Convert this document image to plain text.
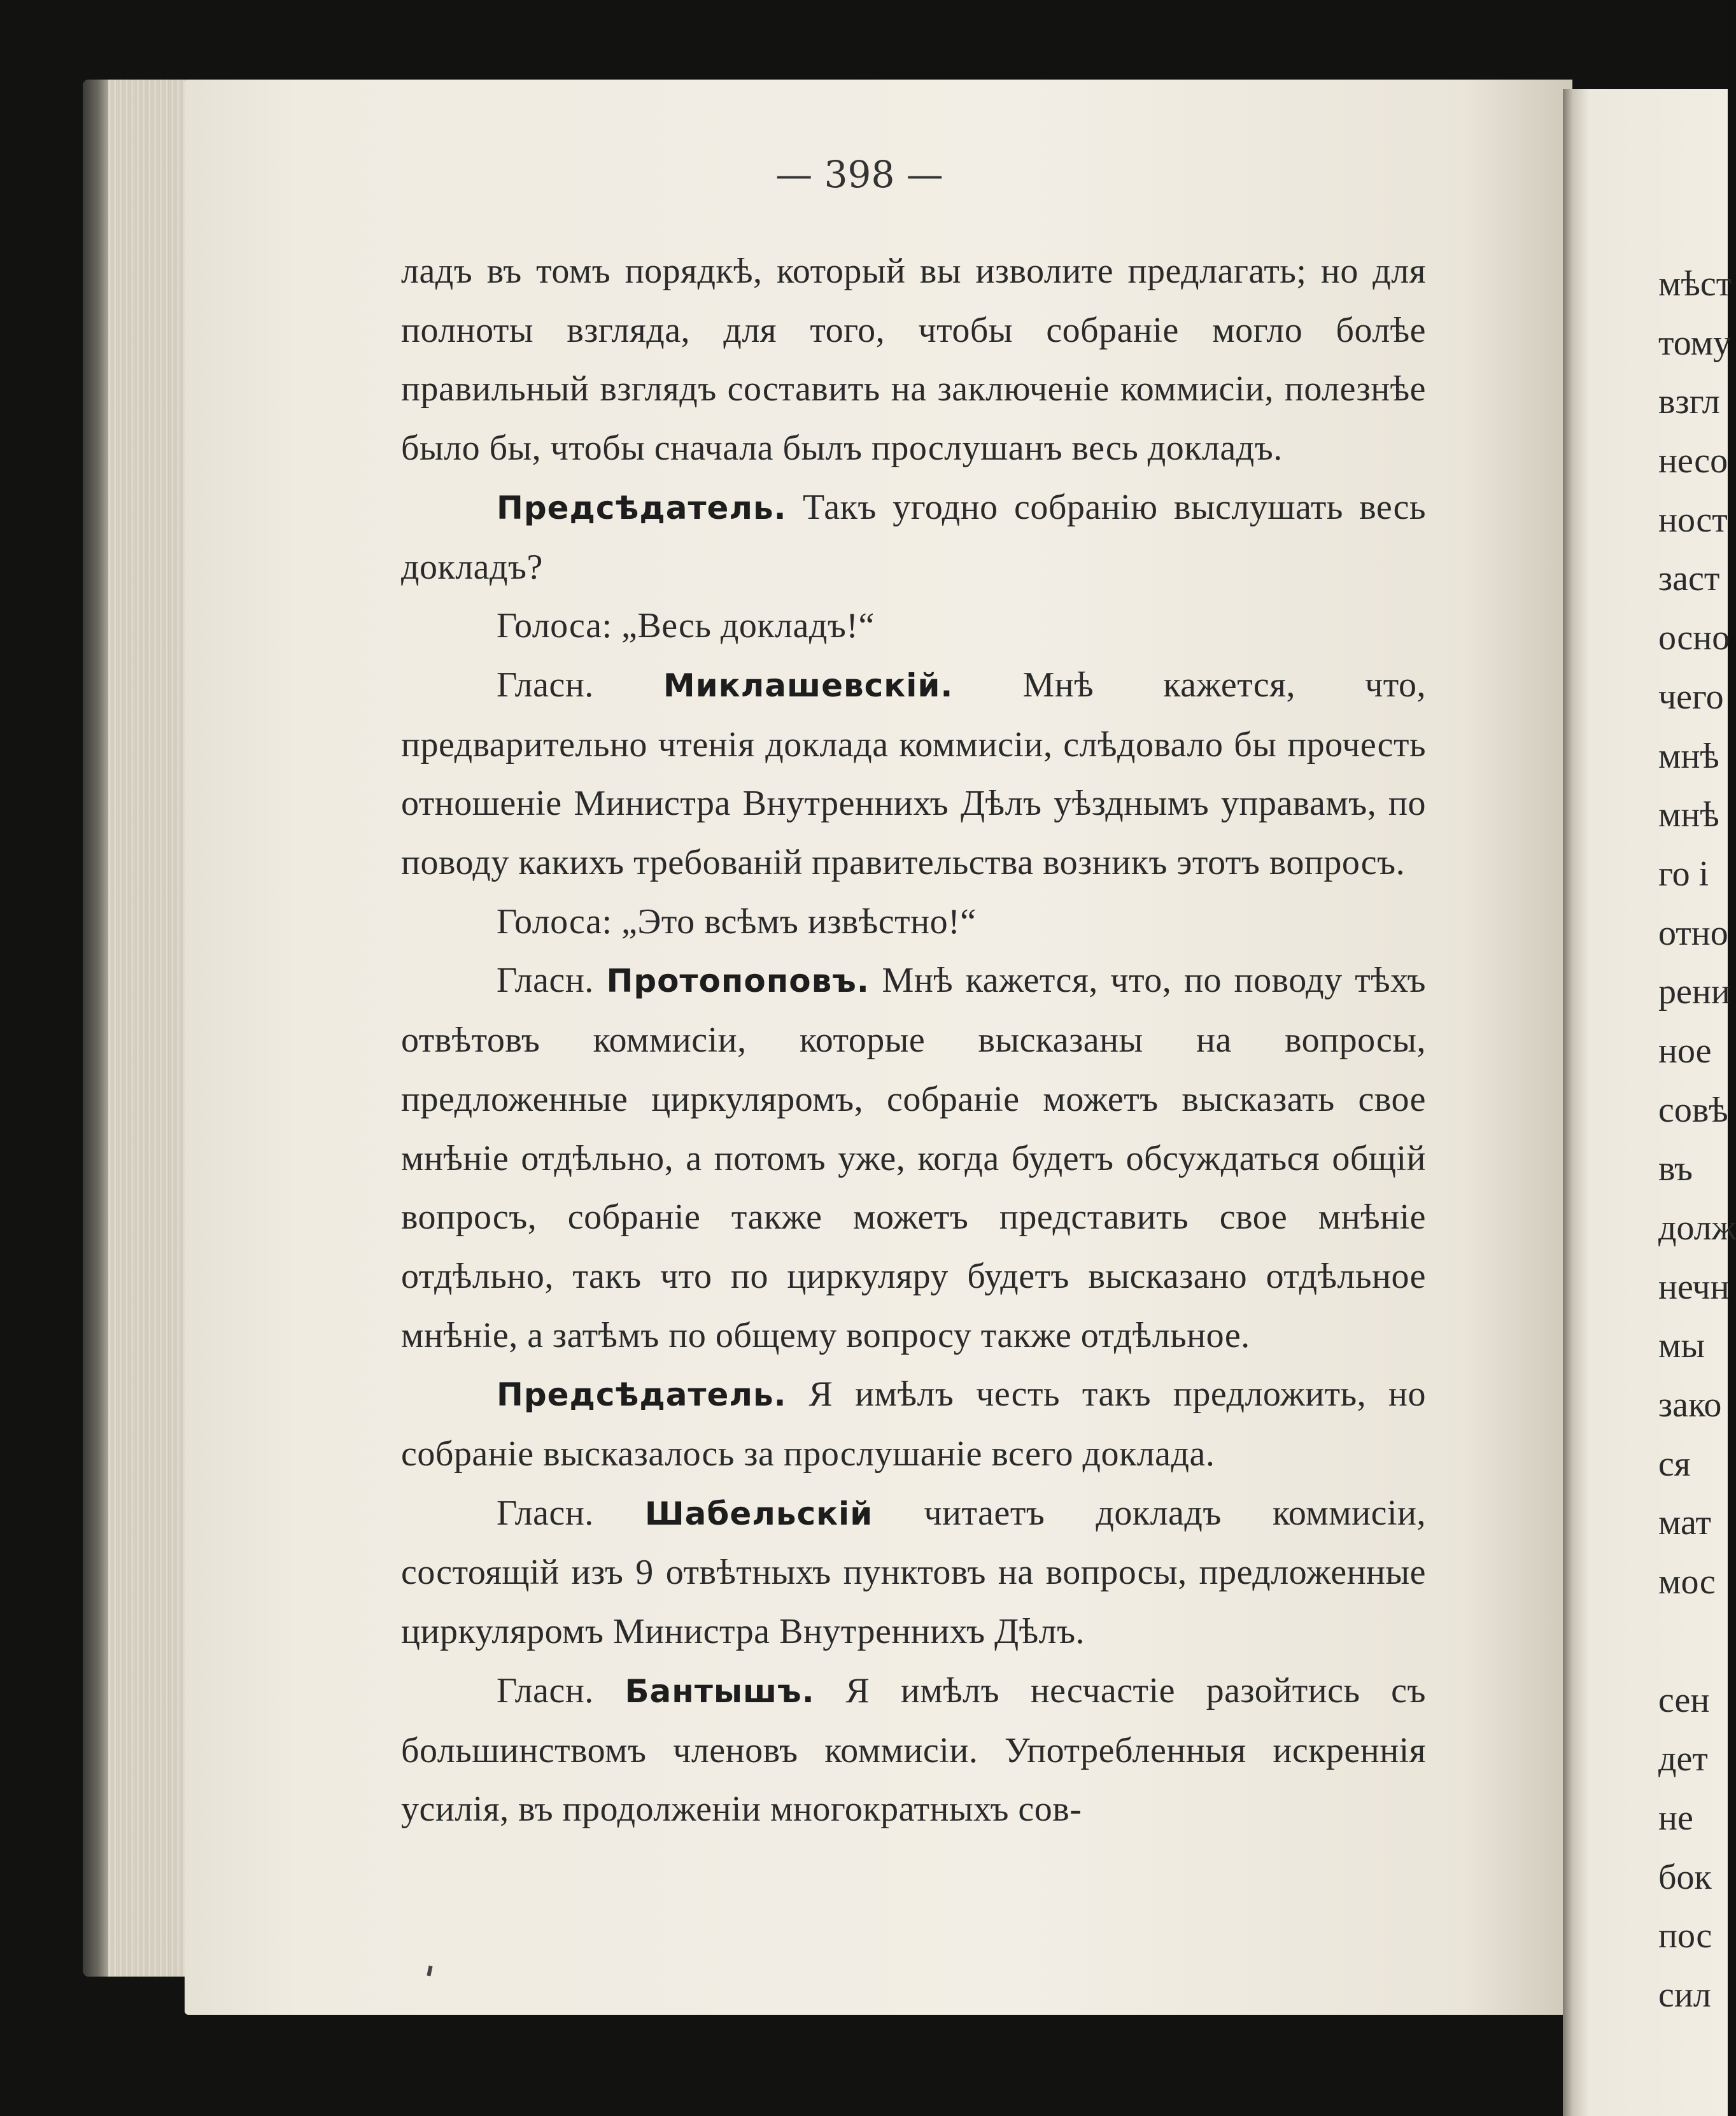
— 398 —

ладъ въ томъ порядкѣ, который вы изволите предлагать; но для полноты взгляда, для того, чтобы собраніе могло болѣе правильный взглядъ составить на заключеніе коммисіи, полезнѣе было бы, чтобы сначала былъ прослушанъ весь докладъ.

Предсѣдатель. Такъ угодно собранію выслушать весь докладъ?

Голоса: „Весь докладъ!“

Гласн. Миклашевскій. Мнѣ кажется, что, предварительно чтенія доклада коммисіи, слѣдовало бы прочесть отношеніе Министра Внутреннихъ Дѣлъ уѣзднымъ управамъ, по поводу какихъ требованій правительства возникъ этотъ вопросъ.

Голоса: „Это всѣмъ извѣстно!“

Гласн. Протопоповъ. Мнѣ кажется, что, по поводу тѣхъ отвѣтовъ коммисіи, которые высказаны на вопросы, предложенные циркуляромъ, собраніе можетъ высказать свое мнѣніе отдѣльно, а потомъ уже, когда будетъ обсуждаться общій вопросъ, собраніе также можетъ представить свое мнѣніе отдѣльно, такъ что по циркуляру будетъ высказано отдѣльное мнѣніе, а затѣмъ по общему вопросу также отдѣльное.

Предсѣдатель. Я имѣлъ честь такъ предложить, но собраніе высказалось за прослушаніе всего доклада.

Гласн. Шабельскій читаетъ докладъ коммисіи, состоящій изъ 9 отвѣтныхъ пунктовъ на вопросы, предложенные циркуляромъ Министра Внутреннихъ Дѣлъ.

Гласн. Бантышъ. Я имѣлъ несчастіе разойтись съ большинствомъ членовъ коммисіи. Употребленныя искреннія усилія, въ продолженіи многократныхъ сов-

мѣст
тому
взгл
несо
ност
заст
осно
чего
мнѣ
мнѣ
го і
отно
рени
ное
совѣ
въ
долж
нечн
мы
зако
ся
мат
мос
сен
дет
не
бок
пос
сил
